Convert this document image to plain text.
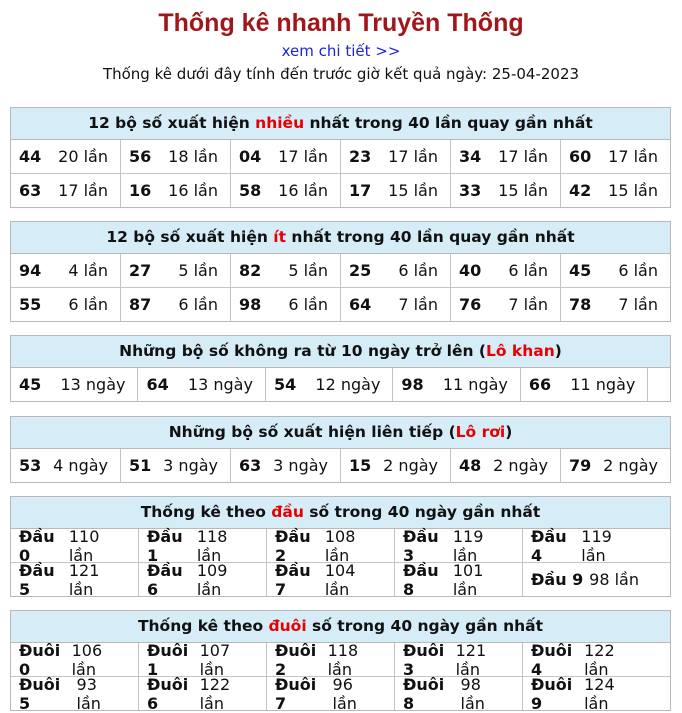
Thống kê nhanh Truyền Thống
xem chi tiết >>
Thống kê dưới đây tính đến trước giờ kết quả ngày: 25-04-2023
12 bộ số xuất hiện nhiều nhất trong 40 lần quay gần nhất
44 20 lần 56 18 lần 04 17 lần 23 17 lần 34 17 lần 60 17 lần
63 17 lần 16 16 lần 58 16 lần 17 15 lần 33 15 lần 42 15 lần
12 bộ số xuất hiện ít nhất trong 40 lần quay gần nhất
94 4 lần 27 5 lần 82 5 lần 25 6 lần 40 6 lần 45 6 lần
55 6 lần 87 6 lần 98 6 lần 64 7 lần 76 7 lần 78 7 lần
Những bộ số không ra từ 10 ngày trở lên (Lô khan)
45 13 ngày 64 13 ngày 54 12 ngày 98 11 ngày 66 11 ngày
Những bộ số xuất hiện liên tiếp (Lô rơi)
53 4 ngày 51 3 ngày 63 3 ngày 15 2 ngày 48 2 ngày 79 2 ngày
Thống kê theo đầu số trong 40 ngày gần nhất
Đầu 0
110 lần
Đầu 1
118 lần
Đầu 2
108 lần
Đầu 3
119 lần
Đầu 4
119 lần
Đầu 5
121 lần
Đầu 6
109 lần
Đầu 7
104 lần
Đầu 8
101 lần	Đầu 9 98 lần
Thống kê theo đuôi số trong 40 ngày gần nhất
Đuôi 0
106 lần
Đuôi 1
107 lần
Đuôi 2
118 lần
Đuôi 3
121 lần
Đuôi 4
122 lần
Đuôi 5
93 lần
Đuôi 6
122 lần
Đuôi 7
96 lần
Đuôi 8
98 lần
Đuôi 9
124 lần
